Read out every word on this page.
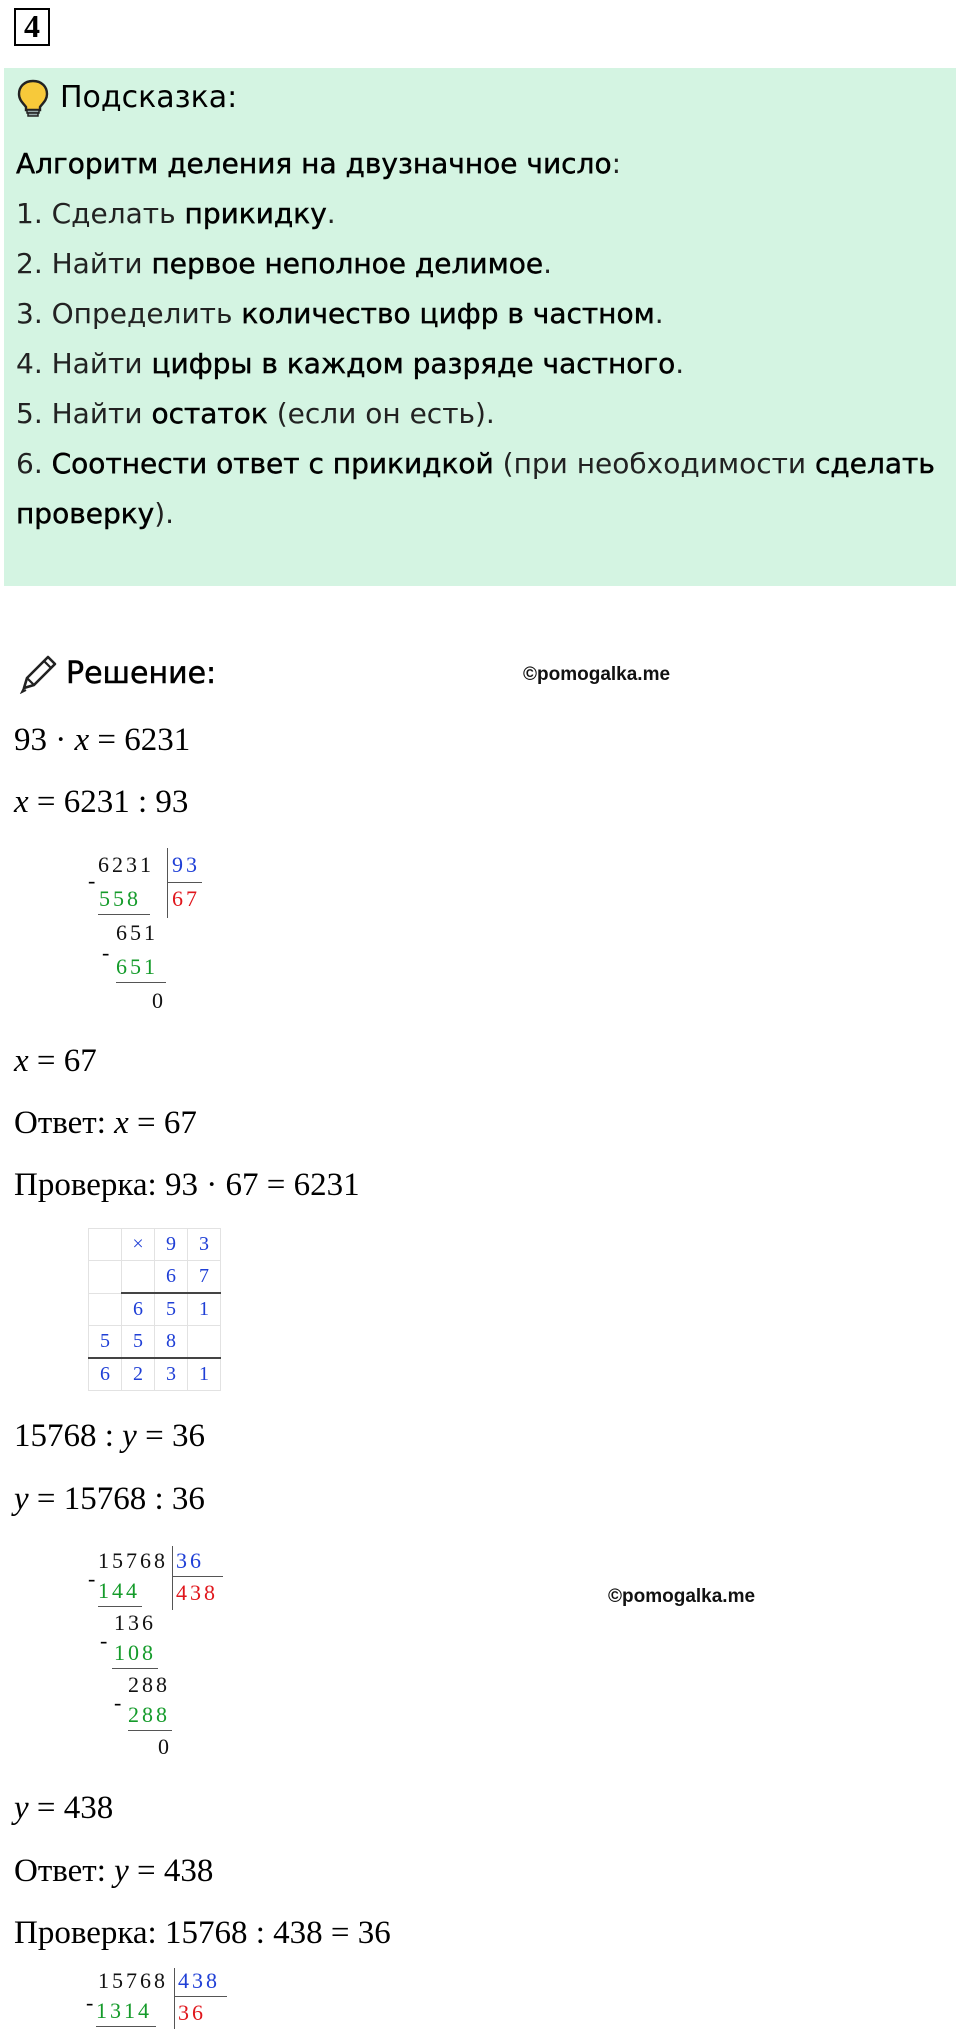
4
Подсказка:
Алгоритм деления на двузначное число:
1. Сделать прикидку.
2. Найти первое неполное делимое.
3. Определить количество цифр в частном.
4. Найти цифры в каждом разряде частного.
5. Найти остаток (если он есть).
6. Соотнести ответ с прикидкой (при необходимости сделать
проверку).
Решение:	©pomogalka.me
93 · x = 6231
x = 6231 : 93
-
6231 93
67
558
651
-
651
0
x = 67
Ответ: x = 67
Проверка: 93 · 67 = 6231
	×	9	3
		6	7
	6	5	1
5	5	8	
6	2	3	1
15768 : y = 36
y = 15768 : 36
©pomogalka.me
-
15768 36
438
144
136
- 108
288
- 288
0
y = 438
Ответ: y = 438
Проверка: 15768 : 438 = 36
-
15768 438
36
1314
